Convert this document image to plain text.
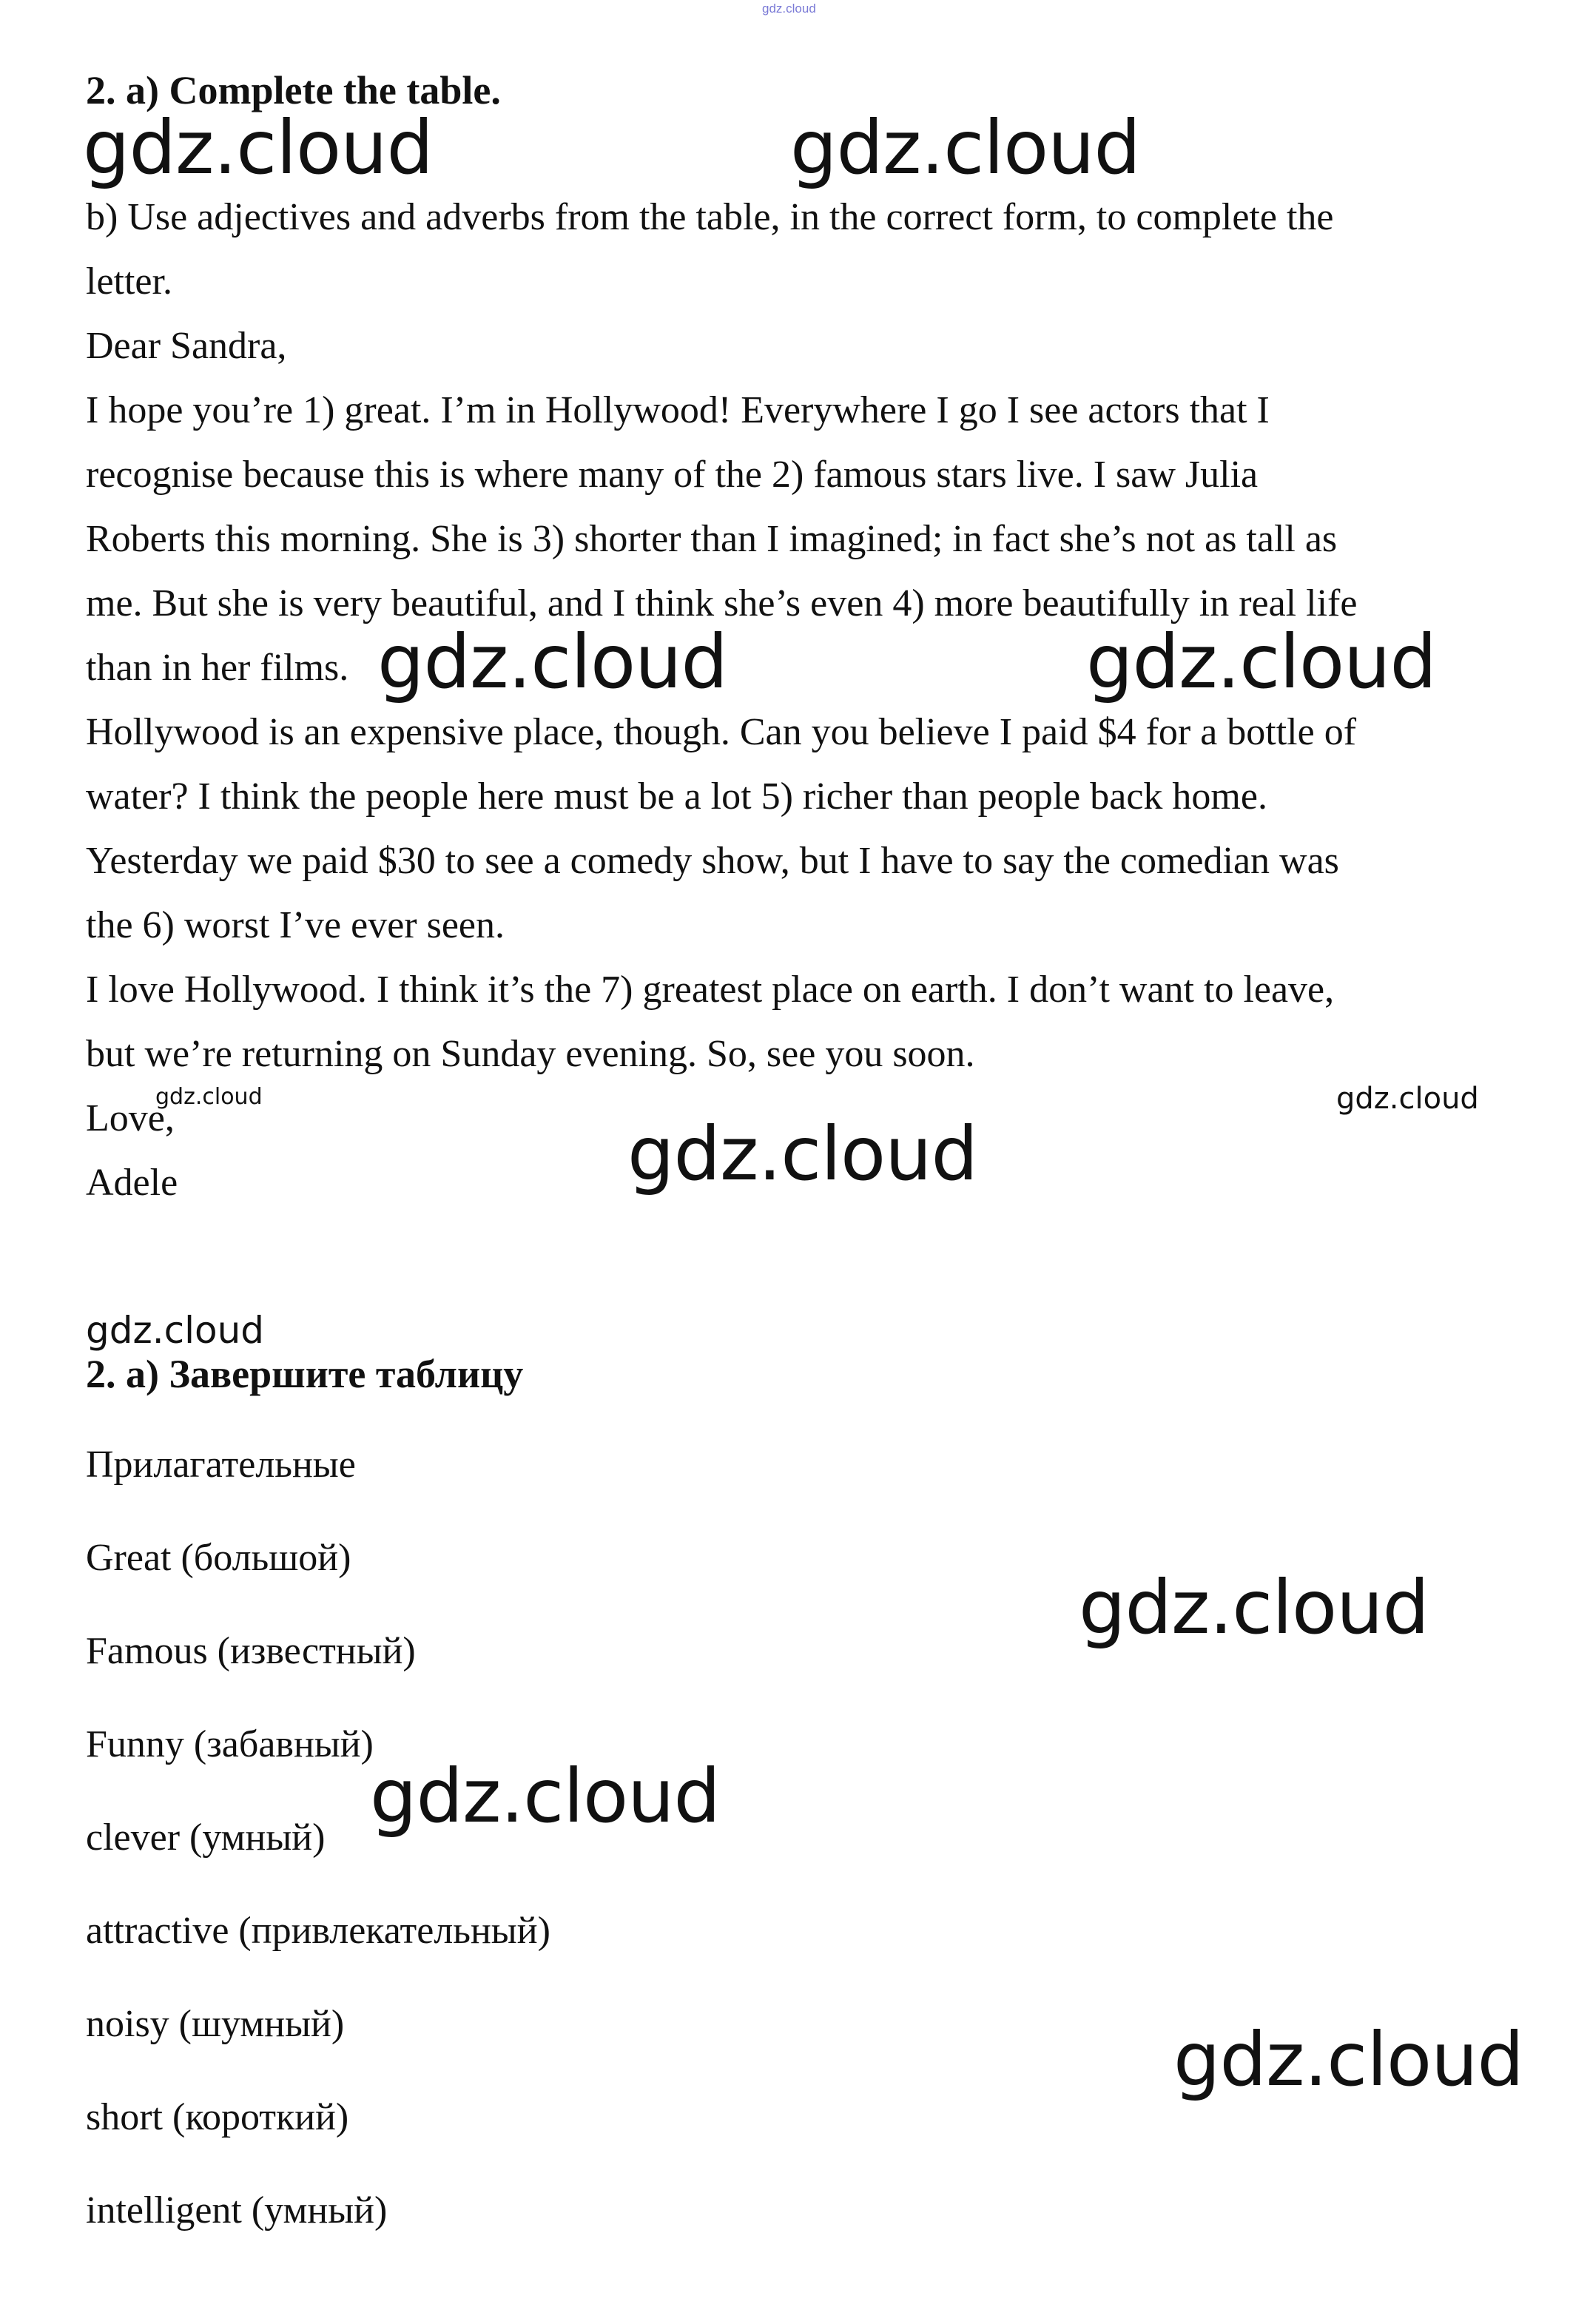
gdz.cloud
2. a) Complete the table.

b) Use adjectives and adverbs from the table, in the correct form, to complete the

letter.

Dear Sandra,

I hope you’re 1) great. I’m in Hollywood! Everywhere I go I see actors that I

recognise because this is where many of the 2) famous stars live. I saw Julia

Roberts this morning. She is 3) shorter than I imagined; in fact she’s not as tall as

me. But she is very beautiful, and I think she’s even 4) more beautifully in real life

than in her films.

Hollywood is an expensive place, though. Can you believe I paid $4 for a bottle of

water? I think the people here must be a lot 5) richer than people back home.

Yesterday we paid $30 to see a comedy show, but I have to say the comedian was

the 6) worst I’ve ever seen.

I love Hollywood. I think it’s the 7) greatest place on earth. I don’t want to leave,

but we’re returning on Sunday evening. So, see you soon.

Love,

Adele

2. a) Завершите таблицу
Прилагательные
Great (большой)
Famous (известный)
Funny (забавный)
clever (умный)
attractive (привлекательный)
noisy (шумный)
short (короткий)
intelligent (умный)
gdz.cloud	gdz.cloud
gdz.cloud	gdz.cloud
gdz.cloud	gdz.cloud
gdz.cloud
gdz.cloud
gdz.cloud
gdz.cloud
gdz.cloud
